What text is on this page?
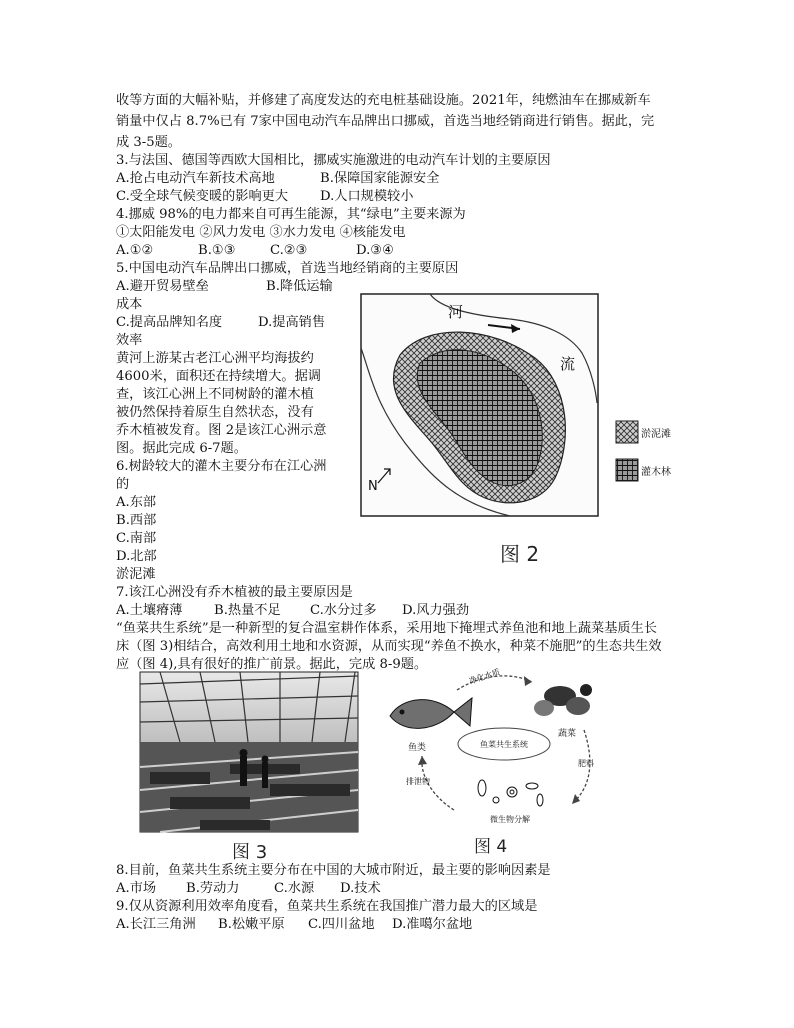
收等方面的大幅补贴，并修建了高度发达的充电桩基础设施。2021年，纯燃油车在挪威新车
销量中仅占 8.7%已有 7家中国电动汽车品牌出口挪威，首选当地经销商进行销售。据此，完
成 3-5题。
3.与法国、德国等西欧大国相比，挪威实施激进的电动汽车计划的主要原因
A.抢占电动汽车新技术高地	B.保障国家能源安全
C.受全球气候变暖的影响更大 D.人口规模较小
4.挪威 98%的电力都来自可再生能源，其“绿电”主要来源为
①太阳能发电 ②风力发电 ③水力发电 ④核能发电
A.①②	B.①③	C.②③	D.③④
5.中国电动汽车品牌出口挪威，首选当地经销商的主要原因
A.避开贸易壁垒	B.降低运输
成本
C.提高品牌知名度	D.提高销售
效率
黄河上游某古老江心洲平均海拔约
4600米，面积还在持续增大。据调
查，该江心洲上不同树龄的灌木植
被仍然保持着原生自然状态，没有
乔木植被发育。图 2是该江心洲示意
图。据此完成 6-7题。
6.树龄较大的灌木主要分布在江心洲
的
A.东部
B.西部
C.南部
D.北部
淤泥滩
7.该江心洲没有乔木植被的最主要原因是
A.土壤瘠薄 B.热量不足 C.水分过多 D.风力强劲
“鱼菜共生系统”是一种新型的复合温室耕作体系，采用地下掩埋式养鱼池和地上蔬菜基质生长
床（图 3)相结合，高效利用土地和水资源，从而实现“养鱼不换水，种菜不施肥”的生态共生效
应（图 4),具有很好的推广前景。据此，完成 8-9题。
河
流
N
淤泥滩
灌木林
图 2
图 3
鱼类
蔬菜
鱼菜共生系统
净化水质
肥料
排泄物
微生物分解
图 4
8.目前，鱼菜共生系统主要分布在中国的大城市附近，最主要的影响因素是
A.市场 B.劳动力	C.水源 D.技术
9.仅从资源利用效率角度看，鱼菜共生系统在我国推广潜力最大的区域是
A.长江三角洲 B.松嫩平原 C.四川盆地 D.准噶尔盆地
